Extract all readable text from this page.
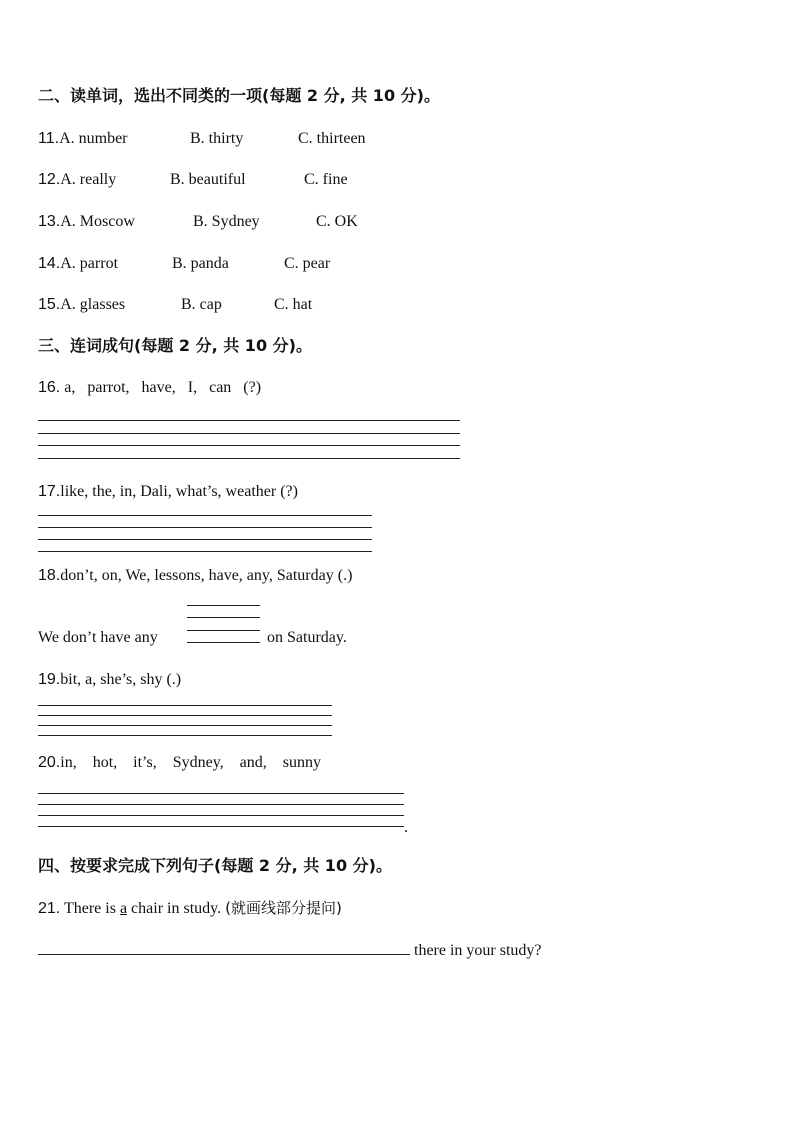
二、读单词，选出不同类的一项(每题 2 分, 共 10 分)。
11.A. number	B. thirty	C. thirteen
12.A. really	B. beautiful	C. fine
13.A. Moscow	B. Sydney	C. OK
14.A. parrot	B. panda	C. pear
15.A. glasses	B. cap	C. hat
三、连词成句(每题 2 分, 共 10 分)。
16. a,   parrot,   have,   I,   can   (?)
17.like, the, in, Dali, what’s, weather (?)
18.don’t, on, We, lessons, have, any, Saturday (.)
We don’t have any	on Saturday.
19.bit, a, she’s, shy (.)
20.in,    hot,    it’s,    Sydney,    and,    sunny
.
四、按要求完成下列句子(每题 2 分, 共 10 分)。
21. There is a chair in study. (就画线部分提问)
there in your study?
